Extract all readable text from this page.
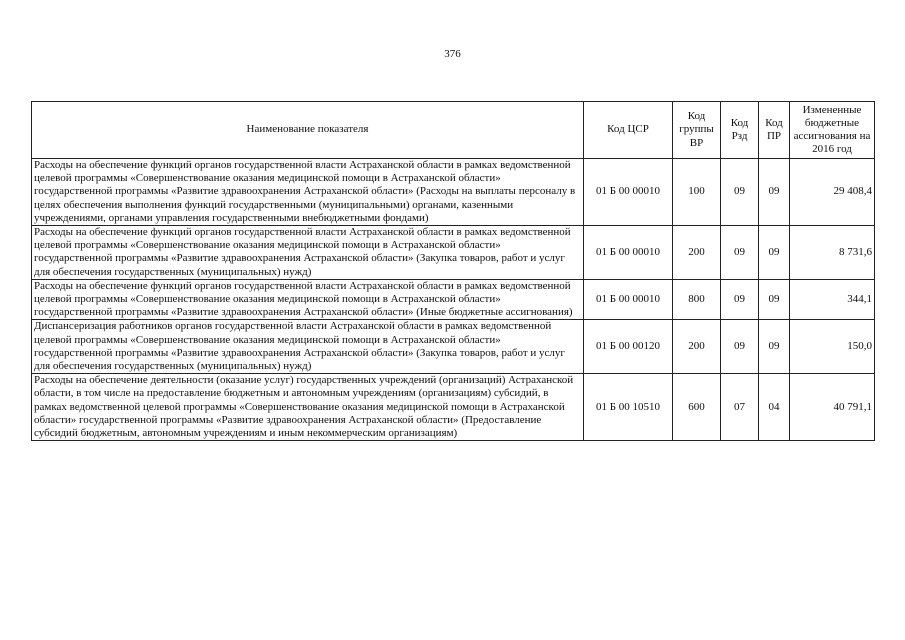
376
Наименование показателя	Код ЦСР	Код группы ВР	Код Рзд	Код ПР	Измененные бюджетные ассигнования на 2016 год
Расходы на обеспечение функций органов государственной власти Астраханской области в рамках ведомственной целевой программы «Совершенствование оказания медицинской помощи в Астраханской области» государственной программы «Развитие здравоохранения Астраханской области» (Расходы на выплаты персоналу в целях обеспечения выполнения функций государственными (муниципальными) органами, казенными учреждениями, органами управления государственными внебюджетными фондами)	01 Б 00 00010	100	09	09	29 408,4
Расходы на обеспечение функций органов государственной власти Астраханской области в рамках ведомственной целевой программы «Совершенствование оказания медицинской помощи в Астраханской области» государственной программы «Развитие здравоохранения Астраханской области» (Закупка товаров, работ и услуг для обеспечения государственных (муниципальных) нужд)	01 Б 00 00010	200	09	09	8 731,6
Расходы на обеспечение функций органов государственной власти Астраханской области в рамках ведомственной целевой программы «Совершенствование оказания медицинской помощи в Астраханской области» государственной программы «Развитие здравоохранения Астраханской области» (Иные бюджетные ассигнования)	01 Б 00 00010	800	09	09	344,1
Диспансеризация работников органов государственной власти Астраханской области в рамках ведомственной целевой программы «Совершенствование оказания медицинской помощи в Астраханской области» государственной программы «Развитие здравоохранения Астраханской области» (Закупка товаров, работ и услуг для обеспечения государственных (муниципальных) нужд)	01 Б 00 00120	200	09	09	150,0
Расходы на обеспечение деятельности (оказание услуг) государственных учреждений (организаций) Астраханской области, в том числе на предоставление бюджетным и автономным учреждениям (организациям) субсидий, в рамках ведомственной целевой программы «Совершенствование оказания медицинской помощи в Астраханской области» государственной программы «Развитие здравоохранения Астраханской области» (Предоставление субсидий бюджетным, автономным учреждениям и иным некоммерческим организациям)	01 Б 00 10510	600	07	04	40 791,1
